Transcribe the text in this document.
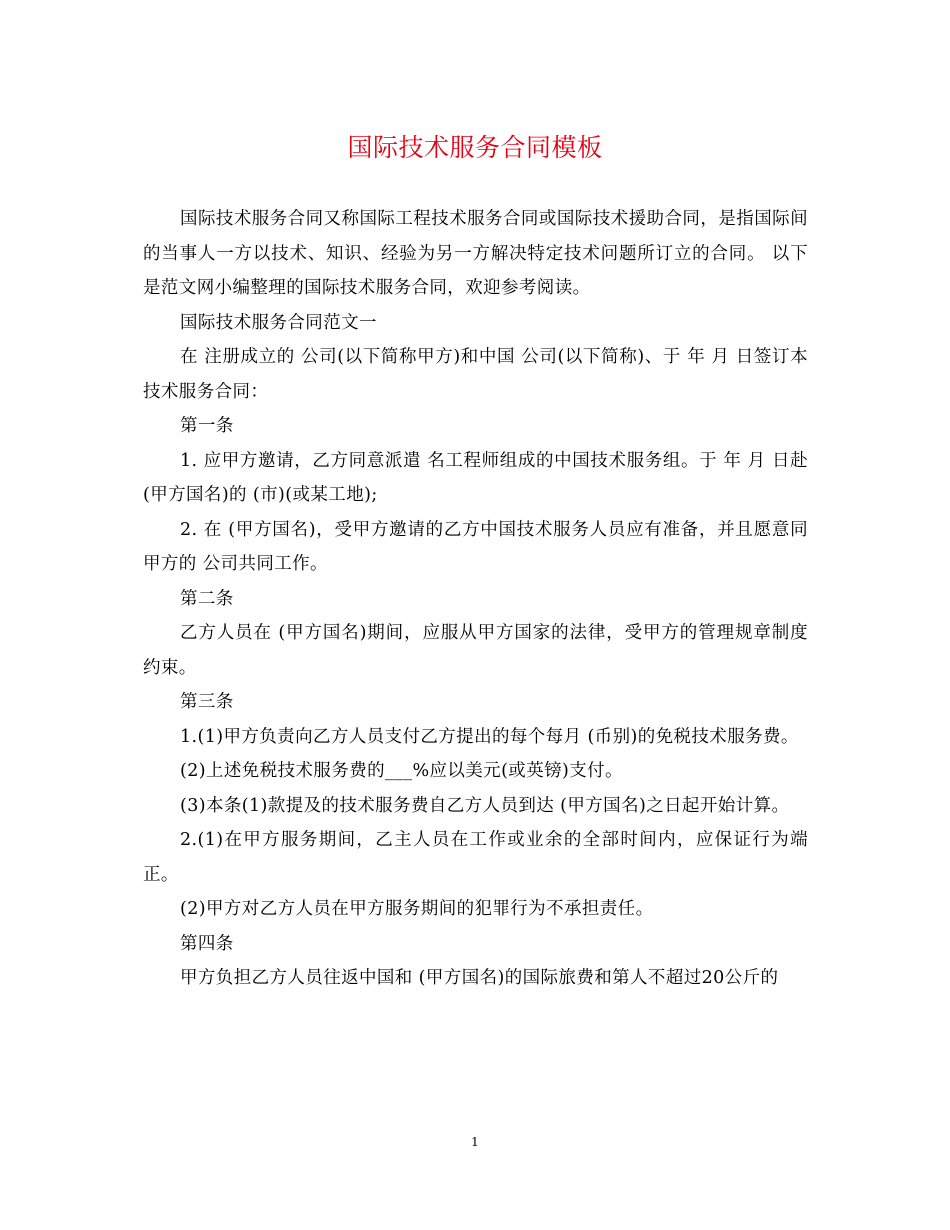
国际技术服务合同模板

国际技术服务合同又称国际工程技术服务合同或国际技术援助合同，是指国际间的当事人一方以技术、知识、经验为另一方解决特定技术问题所订立的合同。 以下是范文网小编整理的国际技术服务合同，欢迎参考阅读。

国际技术服务合同范文一

在 注册成立的 公司(以下简称甲方)和中国 公司(以下简称)、于 年 月 日签订本技术服务合同：

第一条

1. 应甲方邀请，乙方同意派遣 名工程师组成的中国技术服务组。于 年 月 日赴 (甲方国名)的 (市)(或某工地);

2. 在 (甲方国名)，受甲方邀请的乙方中国技术服务人员应有准备，并且愿意同 甲方的 公司共同工作。

第二条

乙方人员在 (甲方国名)期间，应服从甲方国家的法律，受甲方的管理规章制度约束。

第三条

1.(1)甲方负责向乙方人员支付乙方提出的每个每月 (币别)的免税技术服务费。

(2)上述免税技术服务费的___%应以美元(或英镑)支付。

(3)本条(1)款提及的技术服务费自乙方人员到达 (甲方国名)之日起开始计算。

2.(1)在甲方服务期间，乙主人员在工作或业余的全部时间内，应保证行为端正。

(2)甲方对乙方人员在甲方服务期间的犯罪行为不承担责任。

第四条

甲方负担乙方人员往返中国和 (甲方国名)的国际旅费和第人不超过20公斤的

1
